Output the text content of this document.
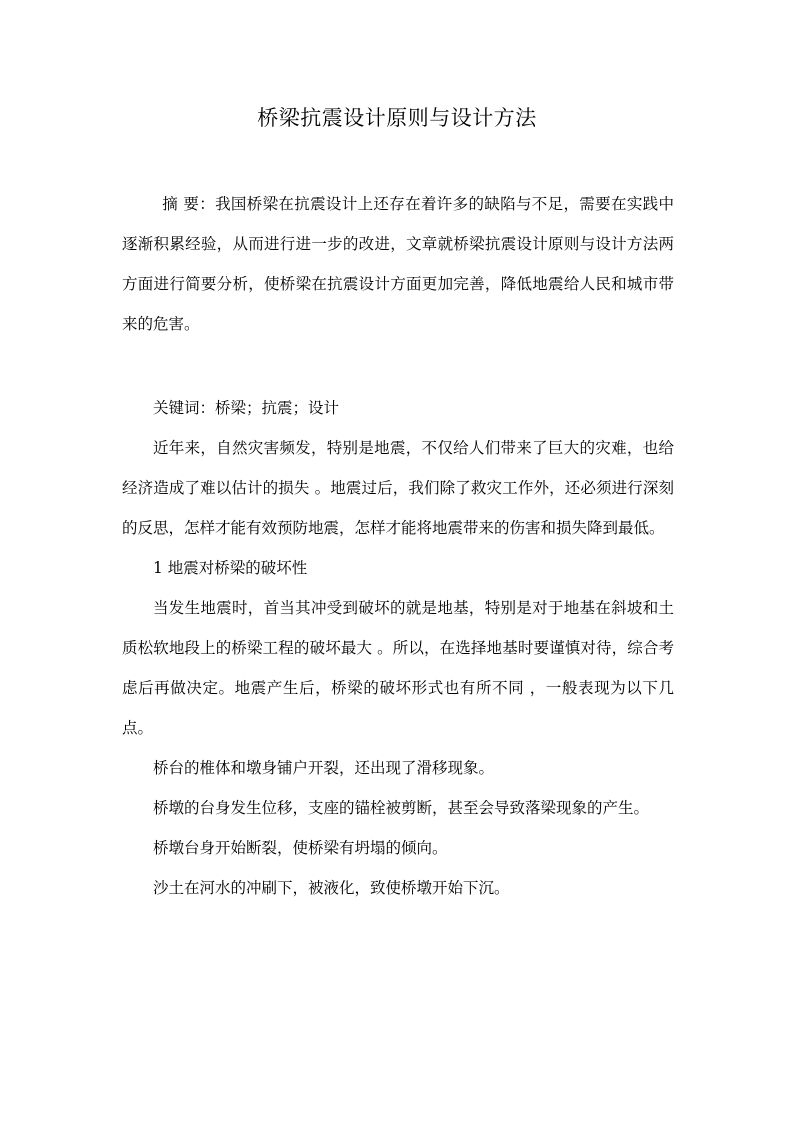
桥梁抗震设计原则与设计方法

摘 要：我国桥梁在抗震设计上还存在着许多的缺陷与不足，需要在实践中逐渐积累经验，从而进行进一步的改进，文章就桥梁抗震设计原则与设计方法两方面进行简要分析，使桥梁在抗震设计方面更加完善，降低地震给人民和城市带来的危害。

关键词：桥梁；抗震；设计

近年来，自然灾害频发，特别是地震，不仅给人们带来了巨大的灾难，也给经济造成了难以估计的损失 。地震过后，我们除了救灾工作外，还必须进行深刻的反思，怎样才能有效预防地震，怎样才能将地震带来的伤害和损失降到最低。

1 地震对桥梁的破坏性

当发生地震时，首当其冲受到破坏的就是地基，特别是对于地基在斜坡和土质松软地段上的桥梁工程的破坏最大 。所以，在选择地基时要谨慎对待，综合考虑后再做决定。地震产生后，桥梁的破坏形式也有所不同 ，一般表现为以下几点。

桥台的椎体和墩身铺户开裂，还出现了滑移现象。

桥墩的台身发生位移，支座的锚栓被剪断，甚至会导致落梁现象的产生。

桥墩台身开始断裂，使桥梁有坍塌的倾向。

沙土在河水的冲刷下，被液化，致使桥墩开始下沉。
